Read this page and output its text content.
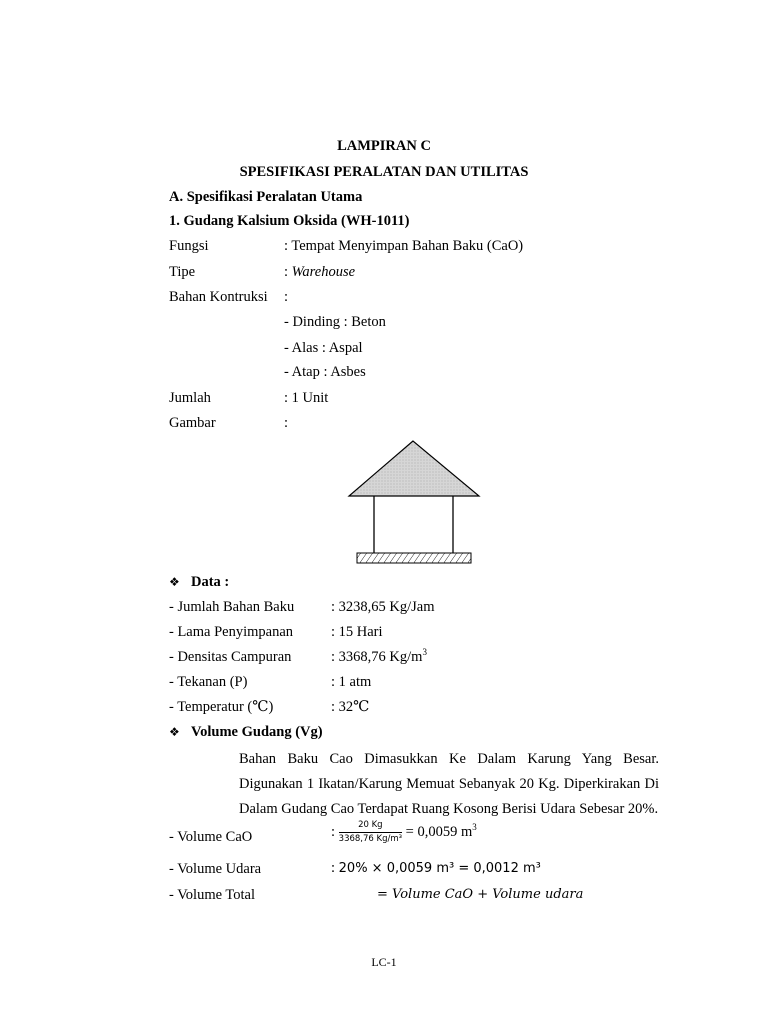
LAMPIRAN C
SPESIFIKASI PERALATAN DAN UTILITAS
A. Spesifikasi Peralatan Utama
1. Gudang Kalsium Oksida (WH-1011)
Fungsi	: Tempat Menyimpan Bahan Baku (CaO)
Tipe	: Warehouse
Bahan Kontruksi :
- Dinding : Beton
- Alas : Aspal
- Atap : Asbes
Jumlah	: 1 Unit
Gambar	:
❖ Data :
- Jumlah Bahan Baku	: 3238,65 Kg/Jam
- Lama Penyimpanan	: 15 Hari
- Densitas Campuran	: 3368,76 $Kg/m^3$
- Tekanan (P)	: 1 atm
- Temperatur (℃)	: 32℃
❖ Volume Gudang (Vg)
Bahan Baku Cao Dimasukkan Ke Dalam Karung Yang Besar. Digunakan 1 Ikatan/Karung Memuat Sebanyak 20 Kg. Diperkirakan Di Dalam Gudang Cao Terdapat Ruang Kosong Berisi Udara Sebesar 20%.
- Volume CaO	: $\frac{20 Kg}{\text{3368,76 Kg/m³}} = 0,0059$ $m^3$
- Volume Udara	: 20% × 0,0059 m³ = 0,0012 m³
- Volume Total	= Volume CaO + Volume udara
LC-1
